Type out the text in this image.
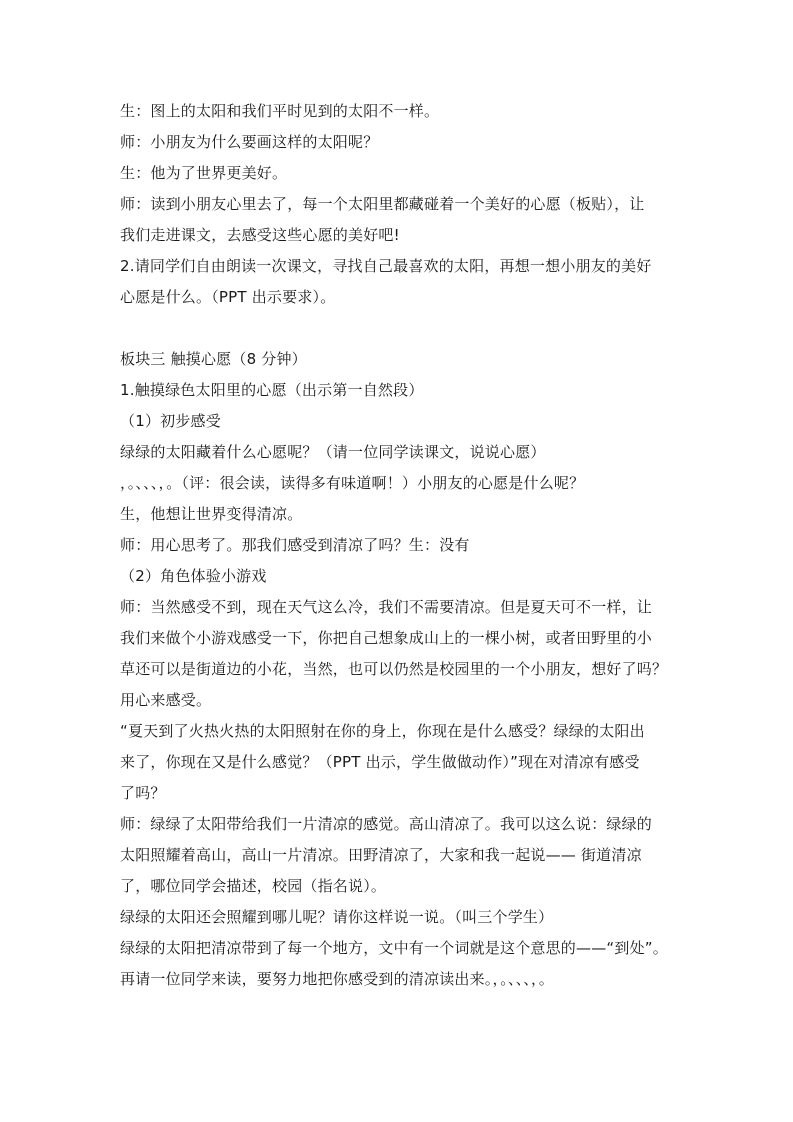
生：图上的太阳和我们平时见到的太阳不一样。
师：小朋友为什么要画这样的太阳呢？
生：他为了世界更美好。
师：读到小朋友心里去了，每一个太阳里都藏碰着一个美好的心愿（板贴），让
我们走进课文，去感受这些心愿的美好吧!
2.请同学们自由朗读一次课文，寻找自己最喜欢的太阳，再想一想小朋友的美好
心愿是什么。（PPT 出示要求）。
板块三 触摸心愿（8 分钟）
1.触摸绿色太阳里的心愿（出示第一自然段）
（1）初步感受
绿绿的太阳藏着什么心愿呢？（请一位同学读课文，说说心愿）
，。、、、，。（评：很会读，读得多有味道啊！）小朋友的心愿是什么呢？
生，他想让世界变得清凉。
师：用心思考了。那我们感受到清凉了吗？生：没有
（2）角色体验小游戏
师：当然感受不到，现在天气这么冷，我们不需要清凉。但是夏天可不一样，让
我们来做个小游戏感受一下，你把自己想象成山上的一棵小树，或者田野里的小
草还可以是街道边的小花，当然，也可以仍然是校园里的一个小朋友，想好了吗？
用心来感受。
“夏天到了火热火热的太阳照射在你的身上，你现在是什么感受？绿绿的太阳出
来了，你现在又是什么感觉？（PPT 出示，学生做做动作）”现在对清凉有感受
了吗？
师：绿绿了太阳带给我们一片清凉的感觉。高山清凉了。我可以这么说：绿绿的
太阳照耀着高山，高山一片清凉。田野清凉了，大家和我一起说—— 街道清凉
了，哪位同学会描述，校园（指名说）。
绿绿的太阳还会照耀到哪儿呢？请你这样说一说。（叫三个学生）
绿绿的太阳把清凉带到了每一个地方，文中有一个词就是这个意思的——“到处”。
再请一位同学来读，要努力地把你感受到的清凉读出来。，。、、、，。
